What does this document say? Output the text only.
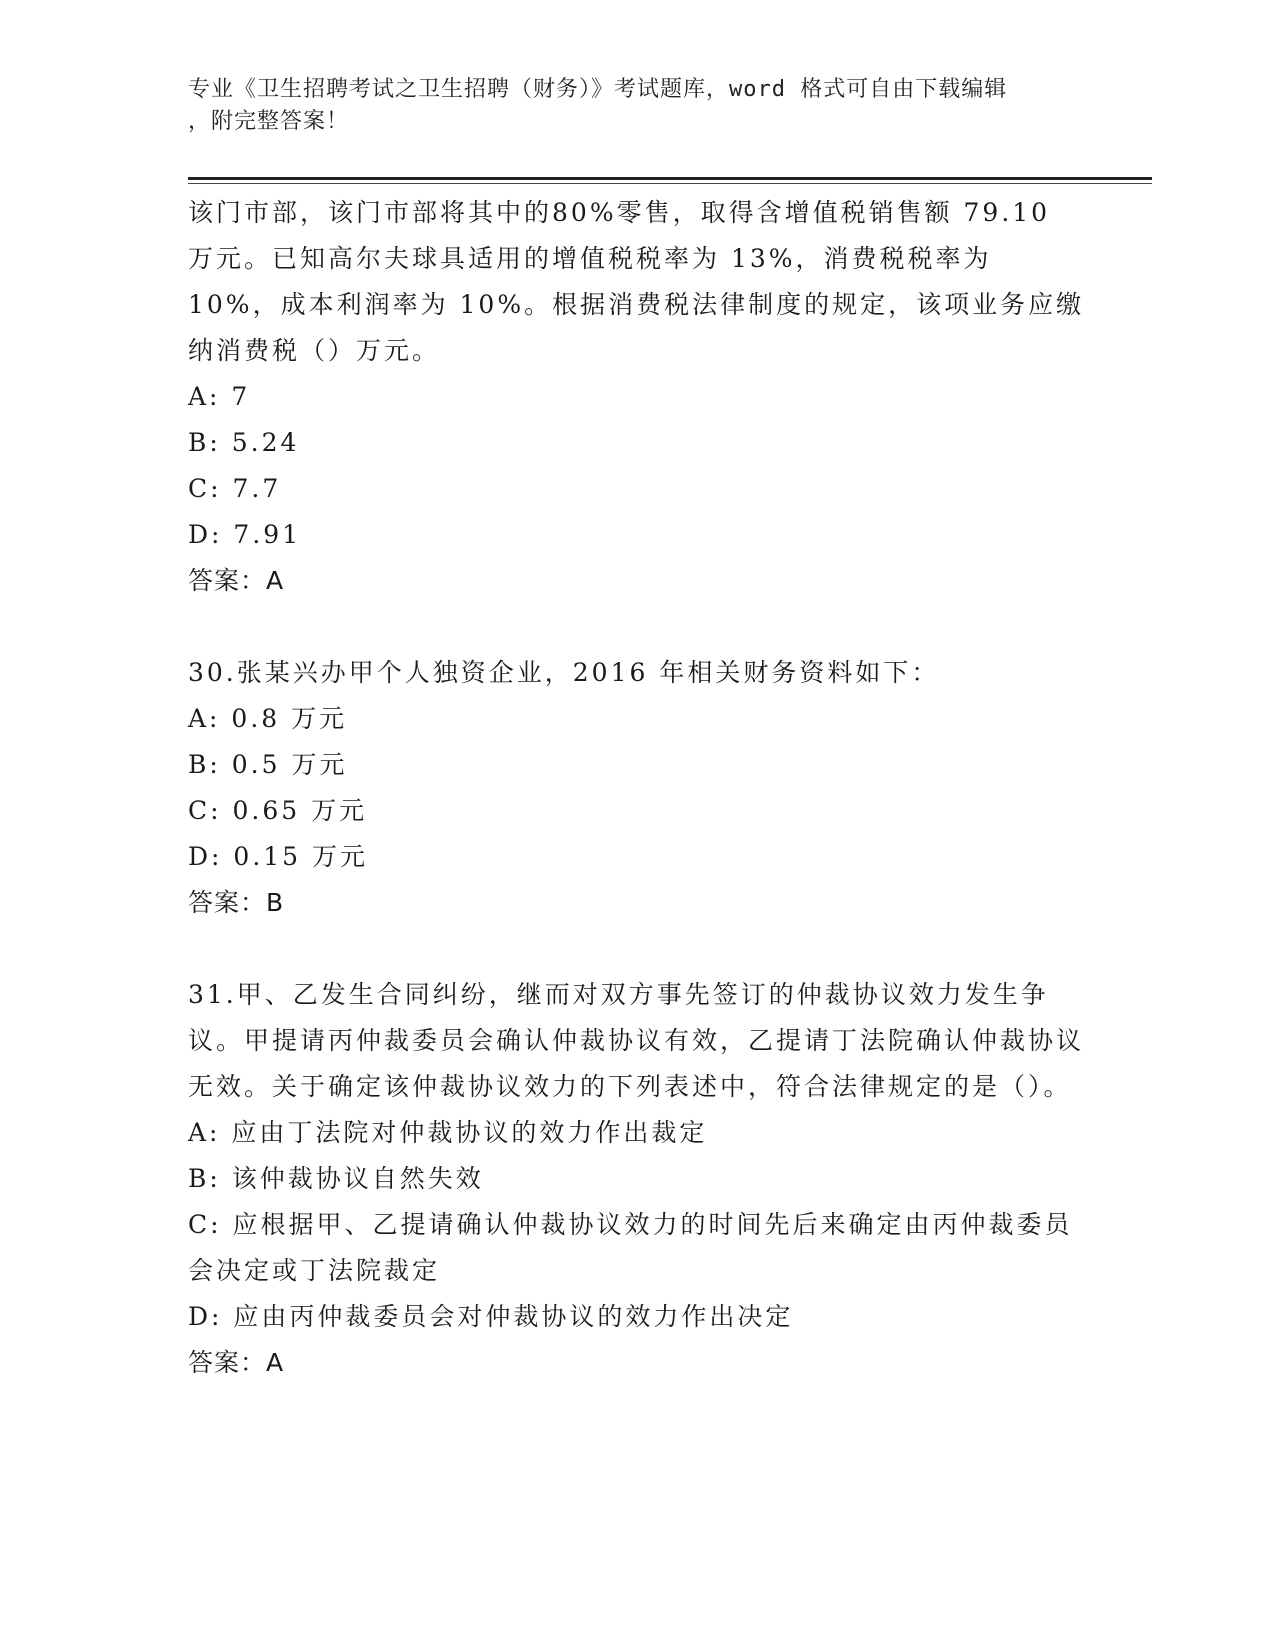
专业《卫生招聘考试之卫生招聘（财务）》考试题库，word 格式可自由下载编辑
，附完整答案！

该门市部，该门市部将其中的80%零售，取得含增值税销售额 79.10 万元。已知高尔夫球具适用的增值税税率为 13%，消费税税率为 10%，成本利润率为 10%。根据消费税法律制度的规定，该项业务应缴纳消费税（）万元。

A: 7

B: 5.24

C: 7.7

D: 7.91

答案：A

30.张某兴办甲个人独资企业，2016 年相关财务资料如下：

A: 0.8 万元

B: 0.5 万元

C: 0.65 万元

D: 0.15 万元

答案：B

31.甲、乙发生合同纠纷，继而对双方事先签订的仲裁协议效力发生争议。甲提请丙仲裁委员会确认仲裁协议有效，乙提请丁法院确认仲裁协议无效。关于确定该仲裁协议效力的下列表述中，符合法律规定的是（）。

A: 应由丁法院对仲裁协议的效力作出裁定

B: 该仲裁协议自然失效

C: 应根据甲、乙提请确认仲裁协议效力的时间先后来确定由丙仲裁委员会决定或丁法院裁定

D: 应由丙仲裁委员会对仲裁协议的效力作出决定

答案：A
